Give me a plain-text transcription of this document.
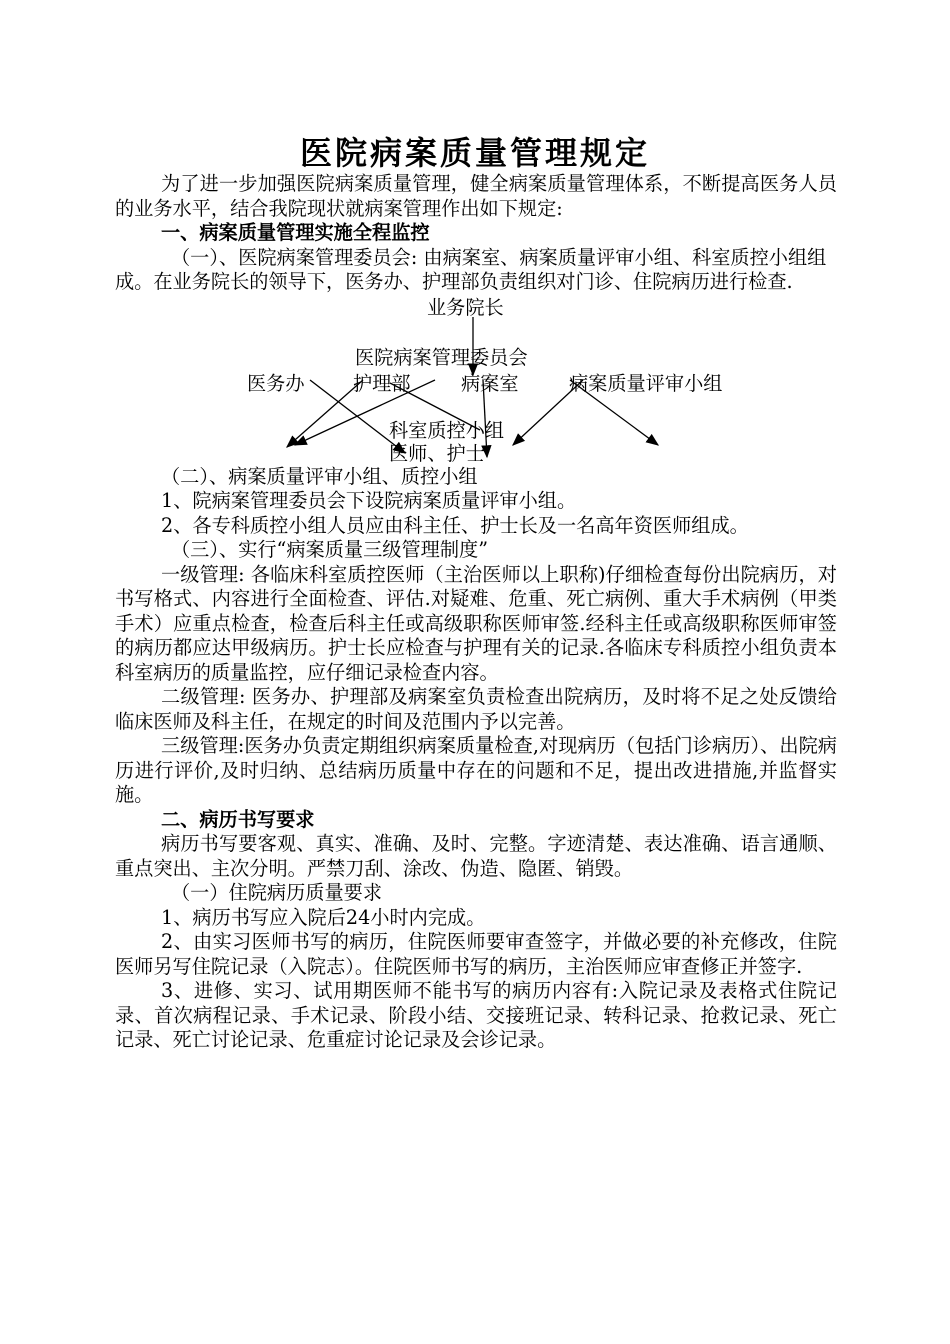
医院病案质量管理规定

为了进一步加强医院病案质量管理，健全病案质量管理体系，不断提高医务人员的业务水平，结合我院现状就病案管理作出如下规定:

一、病案质量管理实施全程监控

（一）、医院病案管理委员会: 由病案室、病案质量评审小组、科室质控小组组成。在业务院长的领导下，医务办、护理部负责组织对门诊、住院病历进行检查.

业务院长
医院病案管理委员会
医务办	护理部	病案室	病案质量评审小组
科室质控小组
医师、护士

（二）、病案质量评审小组、质控小组

1、院病案管理委员会下设院病案质量评审小组。

2、各专科质控小组人员应由科主任、护士长及一名高年资医师组成。

（三）、实行“病案质量三级管理制度”

一级管理: 各临床科室质控医师（主治医师以上职称)仔细检查每份出院病历，对书写格式、内容进行全面检查、评估.对疑难、危重、死亡病例、重大手术病例（甲类手术）应重点检查，检查后科主任或高级职称医师审签.经科主任或高级职称医师审签的病历都应达甲级病历。护士长应检查与护理有关的记录.各临床专科质控小组负责本科室病历的质量监控，应仔细记录检查内容。

二级管理: 医务办、护理部及病案室负责检查出院病历，及时将不足之处反馈给临床医师及科主任，在规定的时间及范围内予以完善。

三级管理:医务办负责定期组织病案质量检查,对现病历（包括门诊病历）、出院病历进行评价,及时归纳、总结病历质量中存在的问题和不足，提出改进措施,并监督实施。

二、病历书写要求

病历书写要客观、真实、准确、及时、完整。字迹清楚、表达准确、语言通顺、重点突出、主次分明。严禁刀刮、涂改、伪造、隐匿、销毁。

（一）住院病历质量要求

1、病历书写应入院后24小时内完成。

2、由实习医师书写的病历，住院医师要审查签字，并做必要的补充修改，住院医师另写住院记录（入院志）。住院医师书写的病历，主治医师应审查修正并签字.

3、进修、实习、试用期医师不能书写的病历内容有:入院记录及表格式住院记录、首次病程记录、手术记录、阶段小结、交接班记录、转科记录、抢救记录、死亡记录、死亡讨论记录、危重症讨论记录及会诊记录。
